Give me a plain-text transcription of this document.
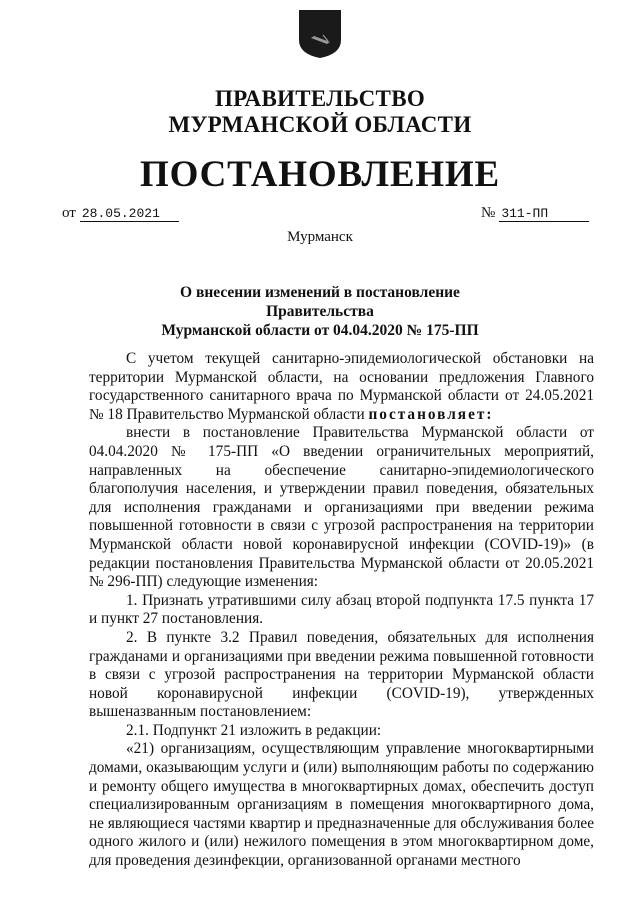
ПРАВИТЕЛЬСТВО
МУРМАНСКОЙ ОБЛАСТИ
ПОСТАНОВЛЕНИЕ
от 28.05.2021	№ 311-ПП
Мурманск
О внесении изменений в постановление Правительства
Мурманской области от 04.04.2020 № 175-ПП

С учетом текущей санитарно-эпидемиологической обстановки на территории Мурманской области, на основании предложения Главного государственного санитарного врача по Мурманской области от 24.05.2021 № 18 Правительство Мурманской области постановляет:

внести в постановление Правительства Мурманской области от 04.04.2020 № 175-ПП «О введении ограничительных мероприятий, направленных на обеспечение санитарно-эпидемиологического благополучия населения, и утверждении правил поведения, обязательных для исполнения гражданами и организациями при введении режима повышенной готовности в связи с угрозой распространения на территории Мурманской области новой коронавирусной инфекции (COVID-19)» (в редакции постановления Правительства Мурманской области от 20.05.2021 № 296-ПП) следующие изменения:

1. Признать утратившими силу абзац второй подпункта 17.5 пункта 17 и пункт 27 постановления.

2. В пункте 3.2 Правил поведения, обязательных для исполнения гражданами и организациями при введении режима повышенной готовности в связи с угрозой распространения на территории Мурманской области новой коронавирусной инфекции (COVID-19), утвержденных вышеназванным постановлением:

2.1. Подпункт 21 изложить в редакции:

«21) организациям, осуществляющим управление многоквартирными домами, оказывающим услуги и (или) выполняющим работы по содержанию и ремонту общего имущества в многоквартирных домах, обеспечить доступ специализированным организациям в помещения многоквартирного дома, не являющиеся частями квартир и предназначенные для обслуживания более одного жилого и (или) нежилого помещения в этом многоквартирном доме, для проведения дезинфекции, организованной органами местного
